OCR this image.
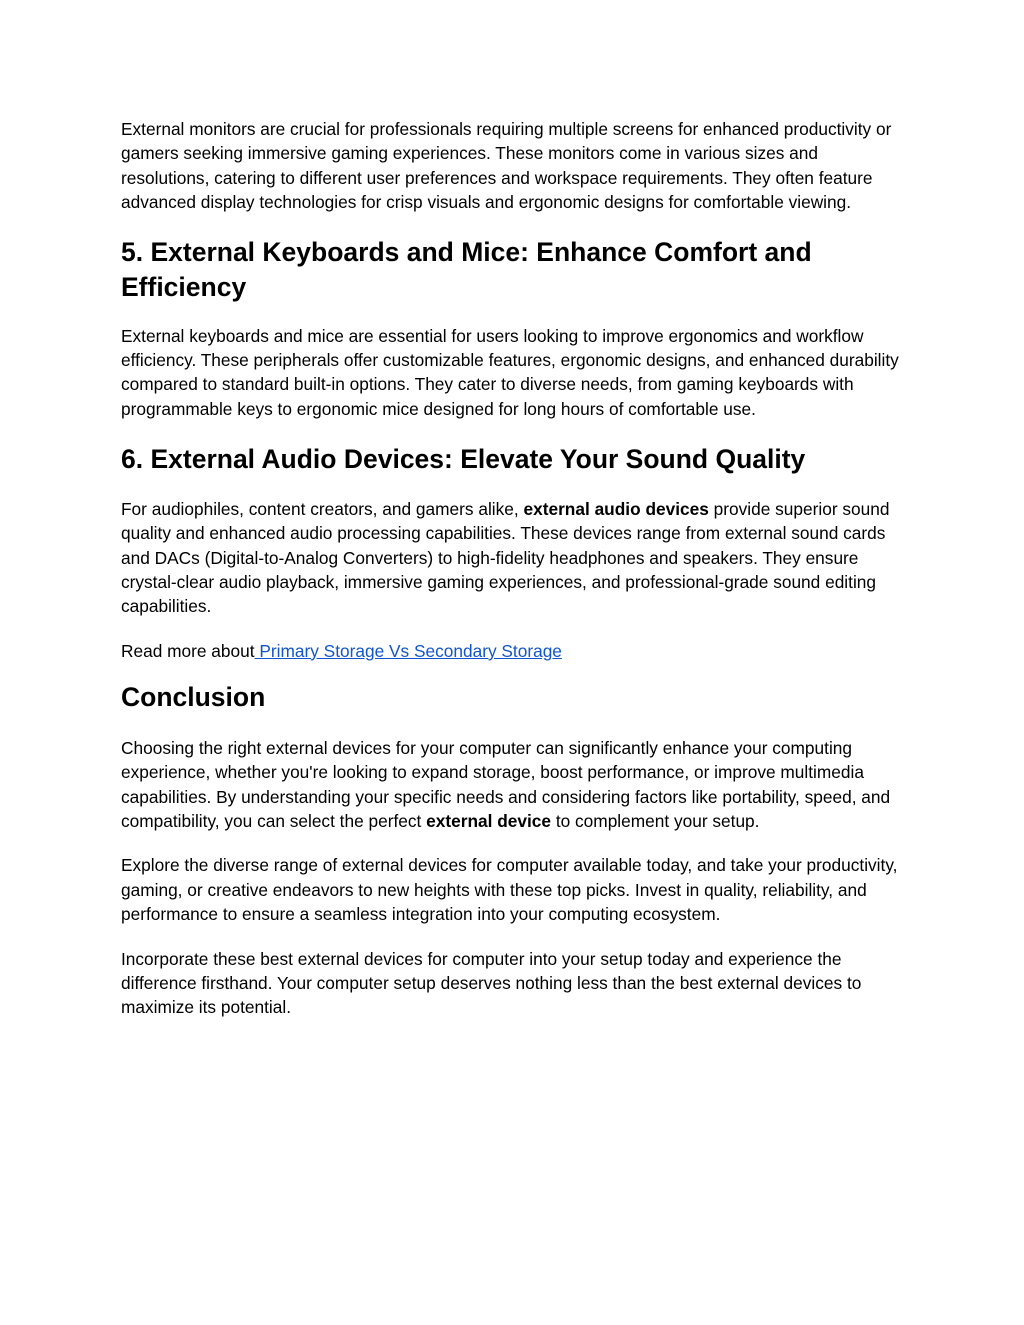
External monitors are crucial for professionals requiring multiple screens for enhanced productivity or gamers seeking immersive gaming experiences. These monitors come in various sizes and resolutions, catering to different user preferences and workspace requirements. They often feature advanced display technologies for crisp visuals and ergonomic designs for comfortable viewing.

5. External Keyboards and Mice: Enhance Comfort and Efficiency

External keyboards and mice are essential for users looking to improve ergonomics and workflow efficiency. These peripherals offer customizable features, ergonomic designs, and enhanced durability compared to standard built-in options. They cater to diverse needs, from gaming keyboards with programmable keys to ergonomic mice designed for long hours of comfortable use.

6. External Audio Devices: Elevate Your Sound Quality

For audiophiles, content creators, and gamers alike, external audio devices provide superior sound quality and enhanced audio processing capabilities. These devices range from external sound cards and DACs (Digital-to-Analog Converters) to high-fidelity headphones and speakers. They ensure crystal-clear audio playback, immersive gaming experiences, and professional-grade sound editing capabilities.

Read more about Primary Storage Vs Secondary Storage

Conclusion

Choosing the right external devices for your computer can significantly enhance your computing experience, whether you're looking to expand storage, boost performance, or improve multimedia capabilities. By understanding your specific needs and considering factors like portability, speed, and compatibility, you can select the perfect external device to complement your setup.

Explore the diverse range of external devices for computer available today, and take your productivity, gaming, or creative endeavors to new heights with these top picks. Invest in quality, reliability, and performance to ensure a seamless integration into your computing ecosystem.

Incorporate these best external devices for computer into your setup today and experience the difference firsthand. Your computer setup deserves nothing less than the best external devices to maximize its potential.
